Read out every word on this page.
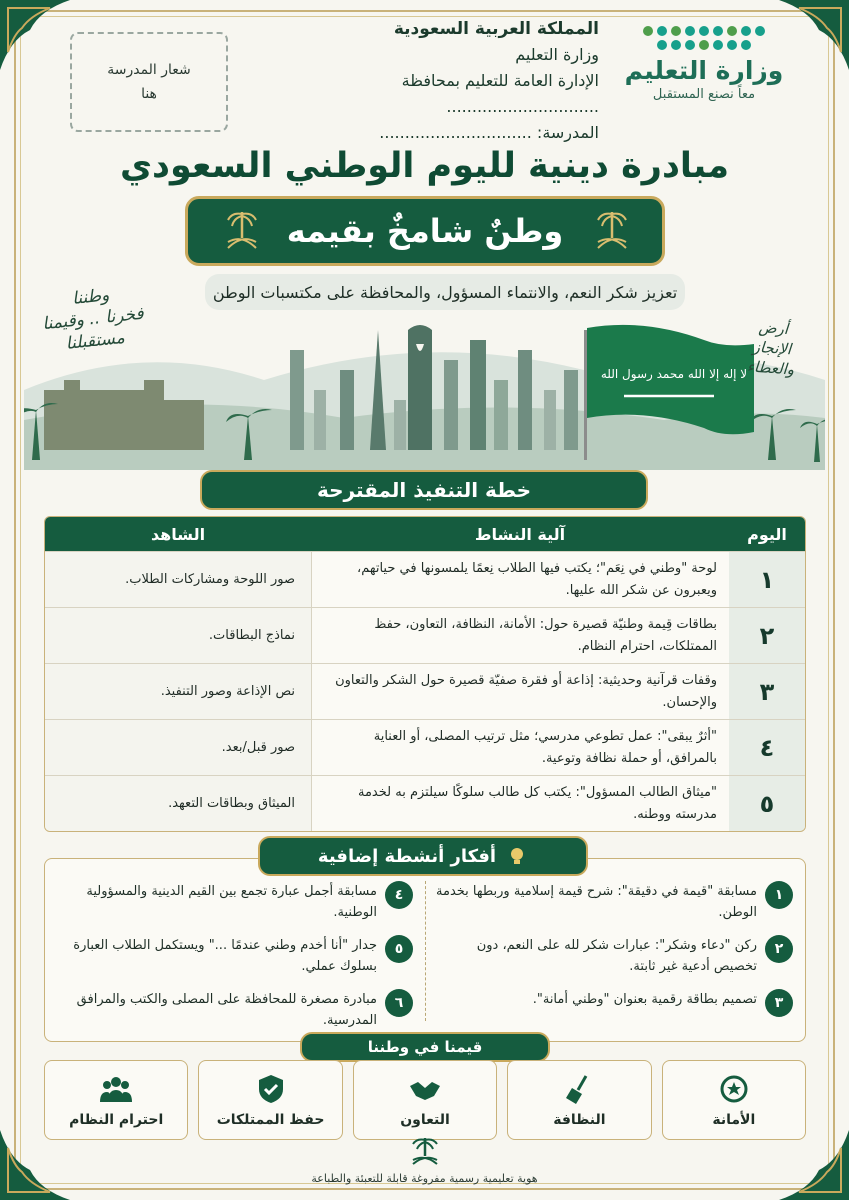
المملكة العربية السعودية
وزارة التعليم
الإدارة العامة للتعليم بمحافظة ..............................
المدرسة: ..............................
شعار المدرسة
هنا
وزارة التعليم
معاً نصنع المستقبل
مبادرة دينية لليوم الوطني السعودي
وطنٌ شامخٌ بقيمه
تعزيز شكر النعم، والانتماء المسؤول، والمحافظة على مكتسبات الوطن
لا إله إلا الله محمد رسول الله
وطننا
فخرنا .. وقيمنا
مستقبلنا	أرض
الإنجاز
والعطاء
خطة التنفيذ المقترحة
اليوم	آلية النشاط	الشاهد
١	لوحة "وطني في نِعَم"؛ يكتب فيها الطلاب نِعمًا يلمسونها في حياتهم، ويعبرون عن شكر الله عليها.	صور اللوحة ومشاركات الطلاب.
٢	بطاقات قِيمة وطنيّة قصيرة حول: الأمانة، النظافة، التعاون، حفظ الممتلكات، احترام النظام.	نماذج البطاقات.
٣	وقفات قرآنية وحديثية: إذاعة أو فقرة صفيّة قصيرة حول الشكر والتعاون والإحسان.	نص الإذاعة وصور التنفيذ.
٤	"أثرٌ يبقى": عمل تطوعي مدرسي؛ مثل ترتيب المصلى، أو العناية بالمرافق، أو حملة نظافة وتوعية.	صور قبل/بعد.
٥	"ميثاق الطالب المسؤول": يكتب كل طالب سلوكًا سيلتزم به لخدمة مدرسته ووطنه.	الميثاق وبطاقات التعهد.
١
مسابقة "قيمة في دقيقة": شرح قيمة إسلامية وربطها بخدمة الوطن.
٢
ركن "دعاء وشكر": عبارات شكر لله على النعم، دون تخصيص أدعية غير ثابتة.
٣
تصميم بطاقة رقمية بعنوان "وطني أمانة".
٤
مسابقة أجمل عبارة تجمع بين القيم الدينية والمسؤولية الوطنية.
٥
جدار "أنا أخدم وطني عندمًا ..." ويستكمل الطلاب العبارة بسلوك عملي.
٦
مبادرة مصغرة للمحافظة على المصلى والكتب والمرافق المدرسية.
أفكار أنشطة إضافية
قيمنا في وطننا
الأمانة
النظافة
التعاون
حفظ الممتلكات
احترام النظام
هوية تعليمية رسمية مفروغة قابلة للتعبئة والطباعة
